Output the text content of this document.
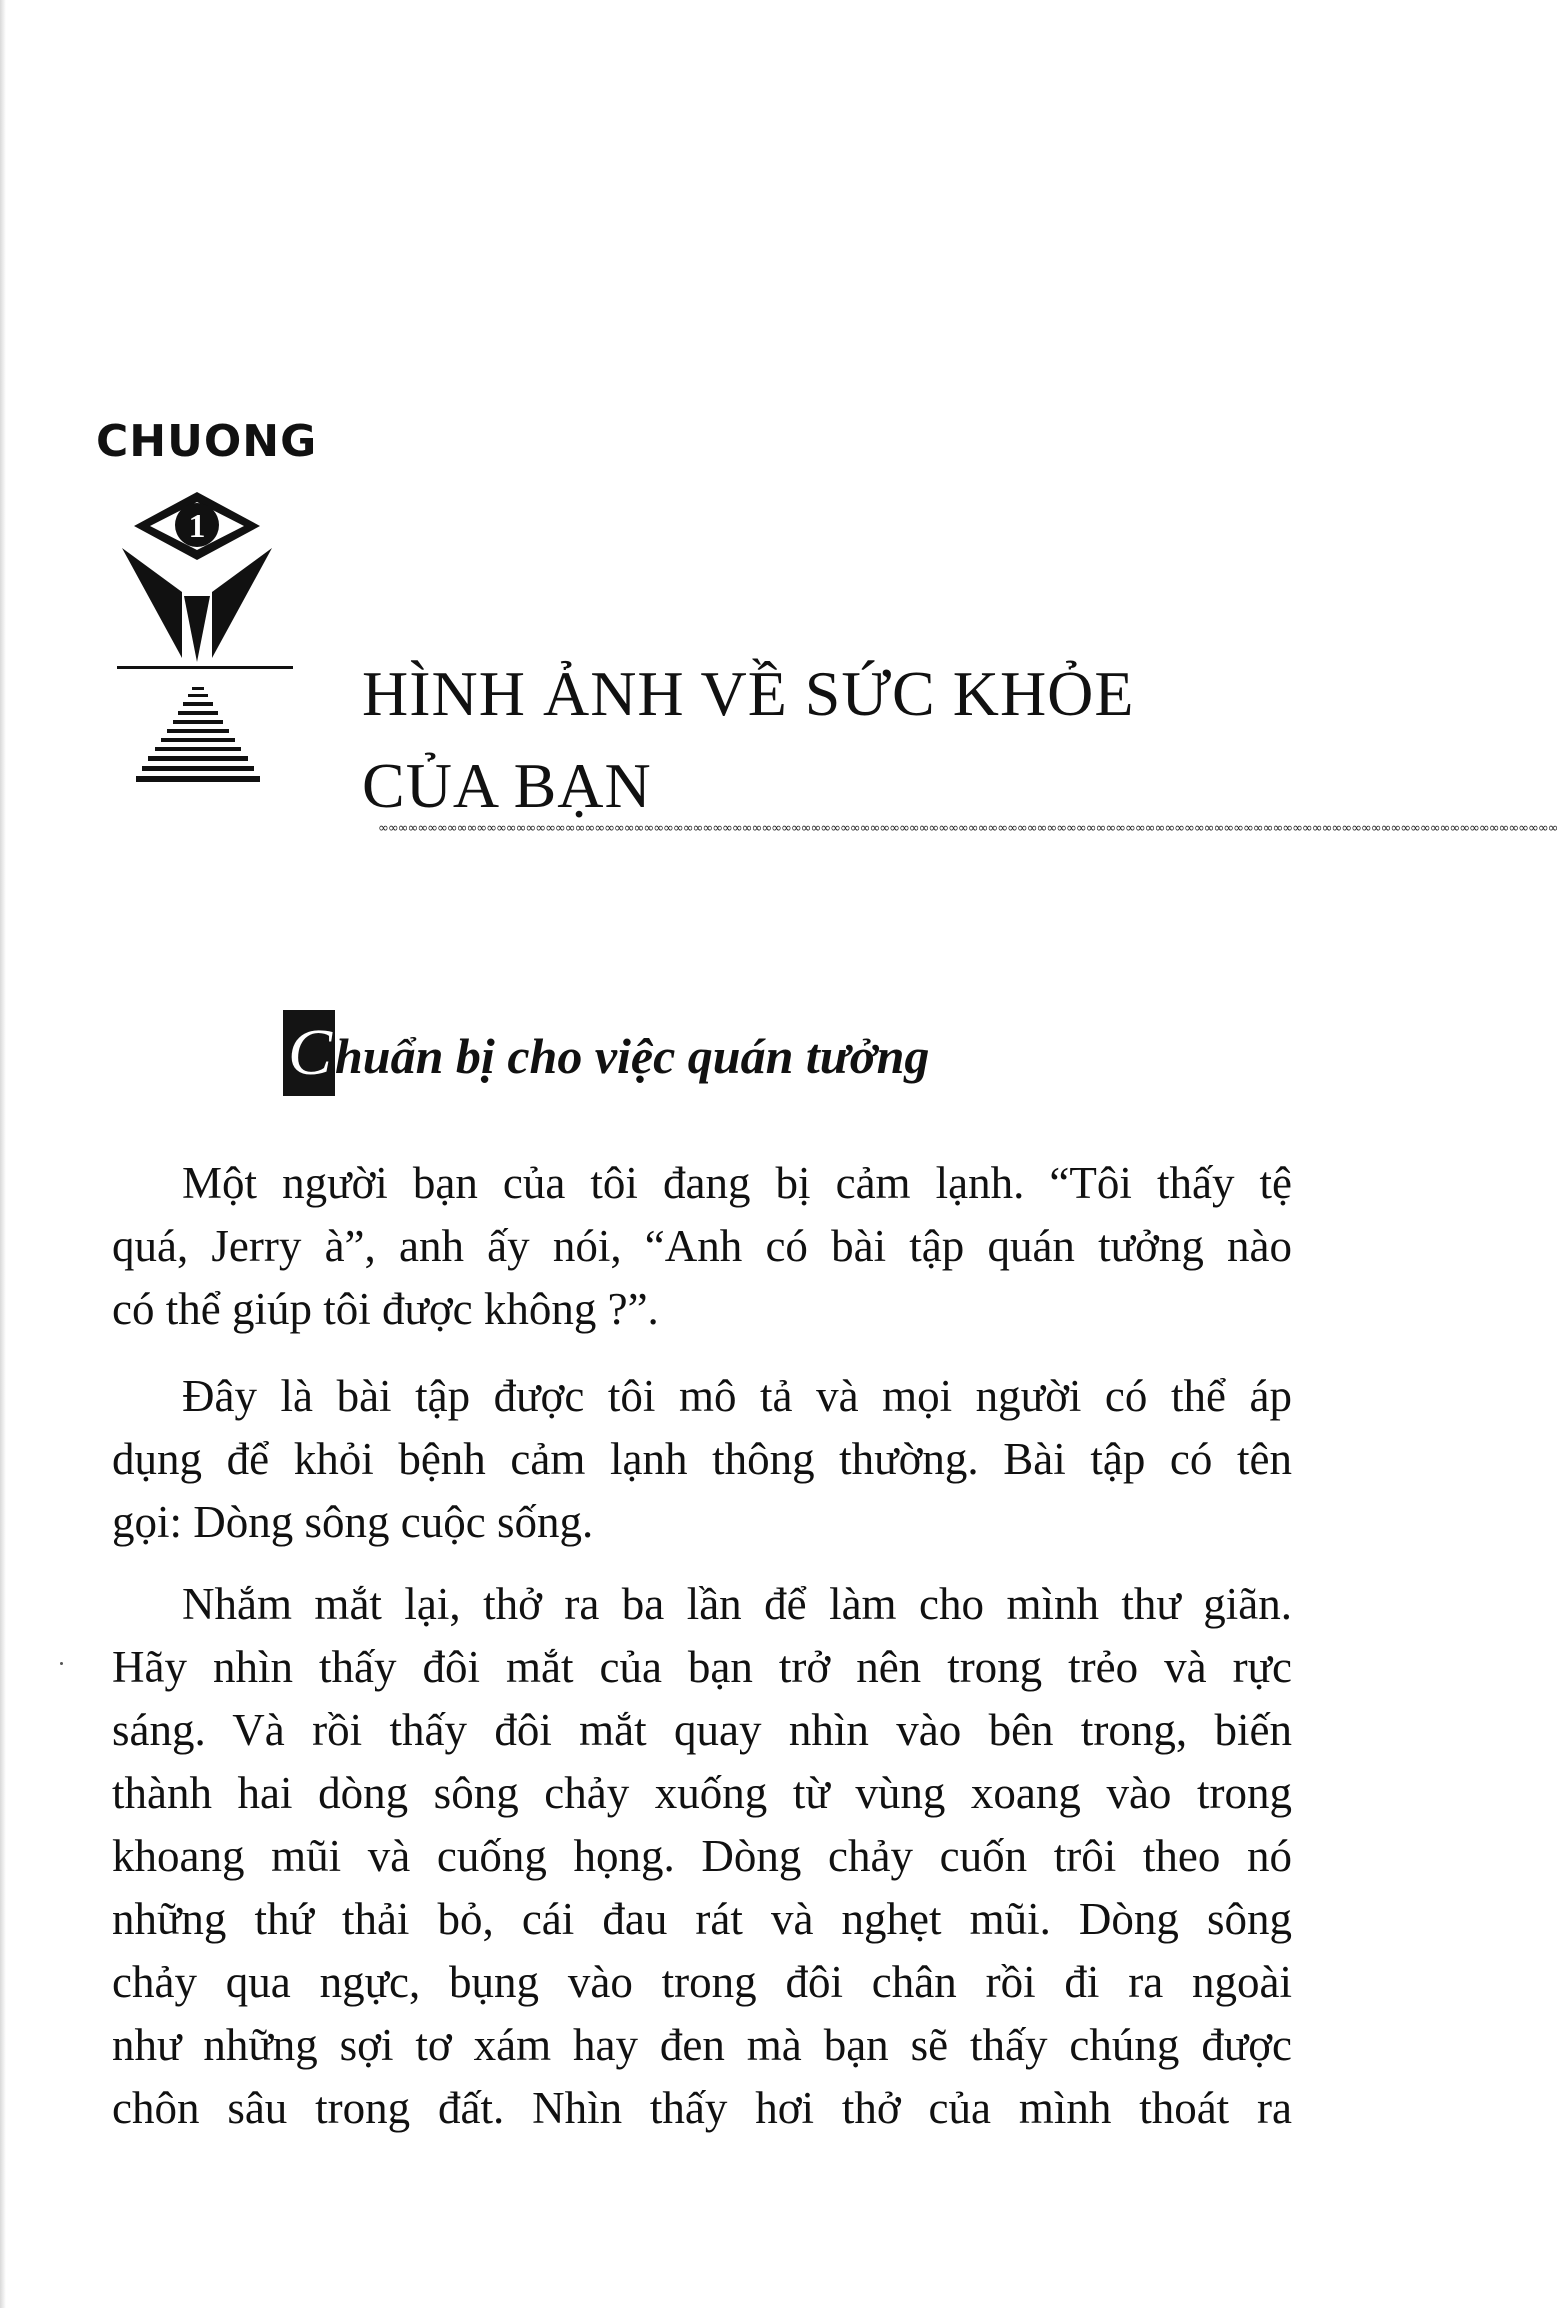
CHUONG
1
HÌNH ẢNH VỀ SỨC KHỎE
CỦA BẠN
∞∞∞∞∞∞∞∞∞∞∞∞∞∞∞∞∞∞∞∞∞∞∞∞∞∞∞∞∞∞∞∞∞∞∞∞∞∞∞∞∞∞∞∞∞∞∞∞∞∞∞∞∞∞∞∞∞∞∞∞∞∞∞∞∞∞∞∞∞∞∞∞∞∞∞∞∞∞∞∞∞∞∞∞∞∞∞∞∞∞∞∞∞∞∞∞∞∞∞∞∞∞∞∞∞∞∞∞∞∞∞∞∞∞∞∞∞∞∞∞
C huẩn bị cho việc quán tưởng
Một người bạn của tôi đang bị cảm lạnh. “Tôi thấy tệ
quá, Jerry à”, anh ấy nói, “Anh có bài tập quán tưởng nào
có thể giúp tôi được không ?”.
Đây là bài tập được tôi mô tả và mọi người có thể áp
dụng để khỏi bệnh cảm lạnh thông thường. Bài tập có tên
gọi: Dòng sông cuộc sống.
Nhắm mắt lại, thở ra ba lần để làm cho mình thư giãn.
Hãy nhìn thấy đôi mắt của bạn trở nên trong trẻo và rực
sáng. Và rồi thấy đôi mắt quay nhìn vào bên trong, biến
thành hai dòng sông chảy xuống từ vùng xoang vào trong
khoang mũi và cuống họng. Dòng chảy cuốn trôi theo nó
những thứ thải bỏ, cái đau rát và nghẹt mũi. Dòng sông
chảy qua ngực, bụng vào trong đôi chân rồi đi ra ngoài
như những sợi tơ xám hay đen mà bạn sẽ thấy chúng được
chôn sâu trong đất. Nhìn thấy hơi thở của mình thoát ra
